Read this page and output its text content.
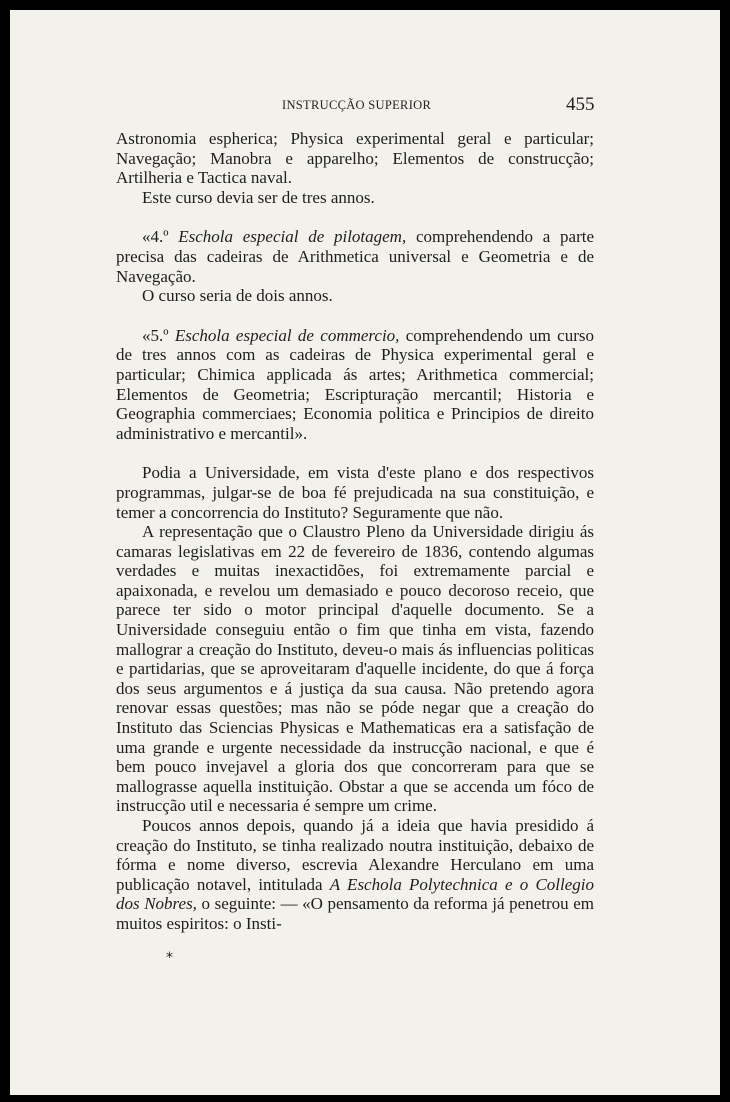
INSTRUCÇÃO SUPERIOR	455

Astronomia espherica; Physica experimental geral e particular; Navegação; Manobra e apparelho; Elementos de construcção; Artilheria e Tactica naval.

Este curso devia ser de tres annos.

«4.º Eschola especial de pilotagem, comprehendendo a parte precisa das cadeiras de Arithmetica universal e Geometria e de Navegação.

O curso seria de dois annos.

«5.º Eschola especial de commercio, comprehendendo um curso de tres annos com as cadeiras de Physica experimental geral e particular; Chimica applicada ás artes; Arithmetica commercial; Elementos de Geometria; Escripturação mercantil; Historia e Geographia commerciaes; Economia politica e Principios de direito administrativo e mercantil».

Podia a Universidade, em vista d'este plano e dos respectivos programmas, julgar-se de boa fé prejudicada na sua constituição, e temer a concorrencia do Instituto? Seguramente que não.

A representação que o Claustro Pleno da Universidade dirigiu ás camaras legislativas em 22 de fevereiro de 1836, contendo algumas verdades e muitas inexactidões, foi extremamente parcial e apaixonada, e revelou um demasiado e pouco decoroso receio, que parece ter sido o motor principal d'aquelle documento. Se a Universidade conseguiu então o fim que tinha em vista, fazendo mallograr a creação do Instituto, deveu-o mais ás influencias politicas e partidarias, que se aproveitaram d'aquelle incidente, do que á força dos seus argumentos e á justiça da sua causa. Não pretendo agora renovar essas questões; mas não se póde negar que a creação do Instituto das Sciencias Physicas e Mathematicas era a satisfação de uma grande e urgente necessidade da instrucção nacional, e que é bem pouco invejavel a gloria dos que concorreram para que se mallograsse aquella instituição. Obstar a que se accenda um fóco de instrucção util e necessaria é sempre um crime.

Poucos annos depois, quando já a ideia que havia presidido á creação do Instituto, se tinha realizado noutra instituição, debaixo de fórma e nome diverso, escrevia Alexandre Herculano em uma publicação notavel, intitulada A Eschola Polytechnica e o Collegio dos Nobres, o seguinte: — «O pensamento da reforma já penetrou em muitos espiritos: o Insti-

*
